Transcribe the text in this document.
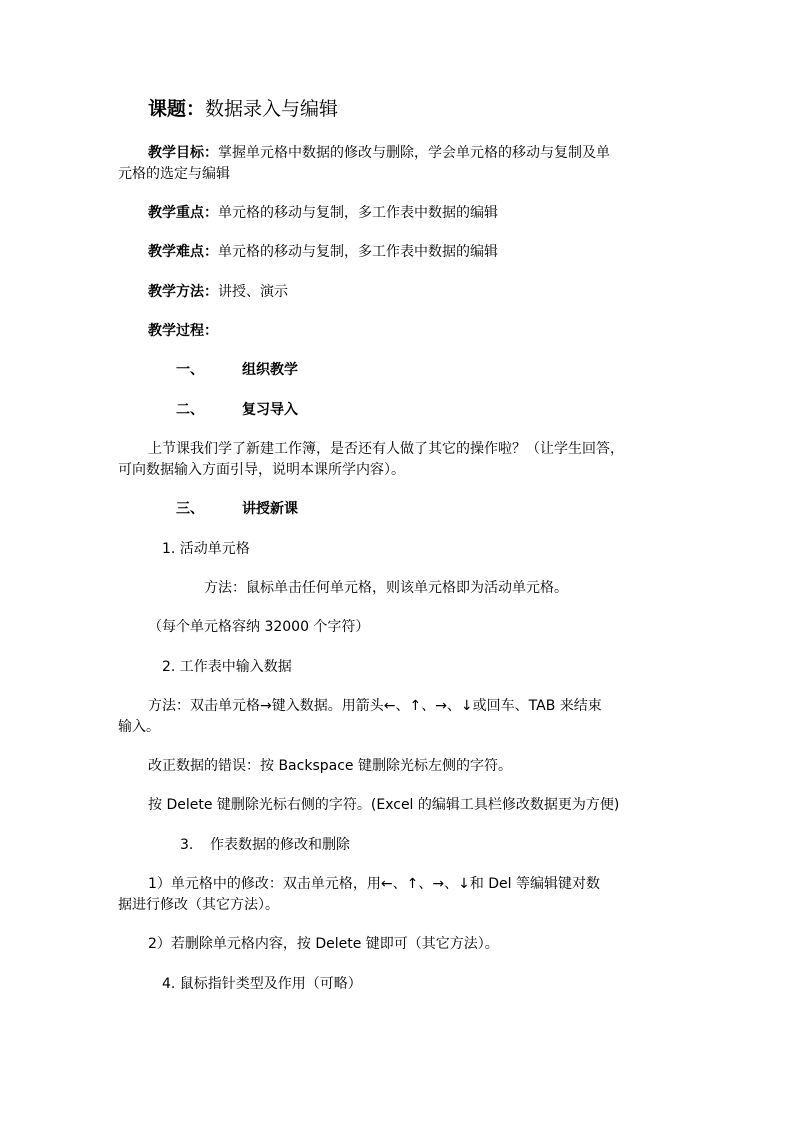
课题：数据录入与编辑
教学目标：掌握单元格中数据的修改与删除，学会单元格的移动与复制及单
元格的选定与编辑
教学重点：单元格的移动与复制，多工作表中数据的编辑
教学难点：单元格的移动与复制，多工作表中数据的编辑
教学方法：讲授、演示
教学过程：
一、	组织教学
二、	复习导入
上节课我们学了新建工作簿，是否还有人做了其它的操作啦？（让学生回答，
可向数据输入方面引导，说明本课所学内容）。
三、	讲授新课
1. 活动单元格
方法：鼠标单击任何单元格，则该单元格即为活动单元格。
（每个单元格容纳 32000 个字符）
2. 工作表中输入数据
方法：双击单元格→键入数据。用箭头←、↑、→、↓或回车、TAB 来结束
输入。
改正数据的错误：按 Backspace 键删除光标左侧的字符。
按 Delete 键删除光标右侧的字符。(Excel 的编辑工具栏修改数据更为方便)
3. 作表数据的修改和删除
1）单元格中的修改：双击单元格，用←、↑、→、↓和 Del 等编辑键对数
据进行修改（其它方法）。
2）若删除单元格内容，按 Delete 键即可（其它方法）。
4. 鼠标指针类型及作用（可略）
